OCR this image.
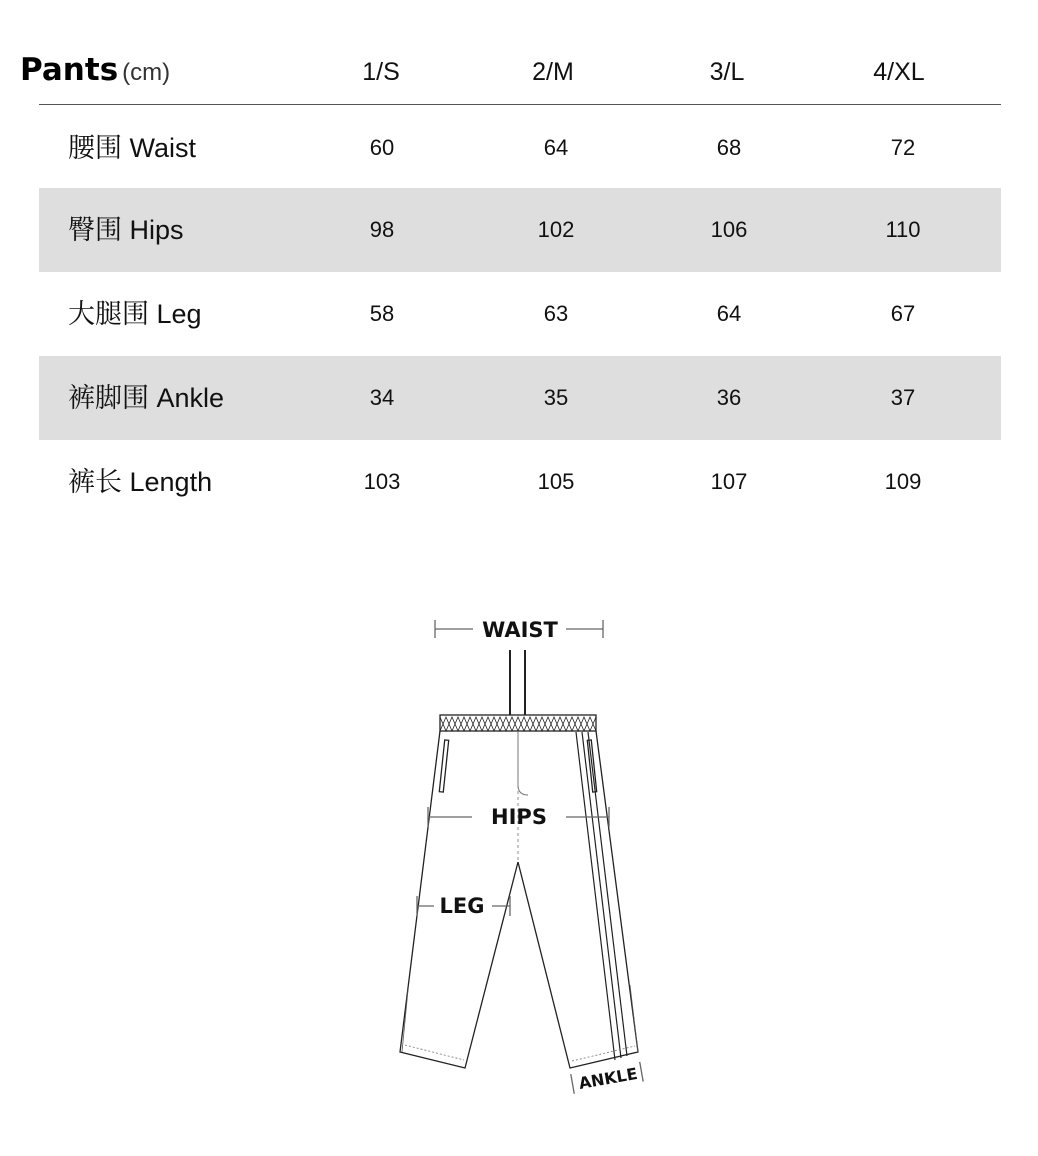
Pants (cm)	1/S	2/M	3/L	4/XL
腰围 Waist	60	64	68	72
臀围 Hips	98	102	106	110
大腿围 Leg	58	63	64	67
裤脚围 Ankle	34	35	36	37
裤长 Length	103	105	107	109
WAIST
HIPS
LEG
ANKLE
